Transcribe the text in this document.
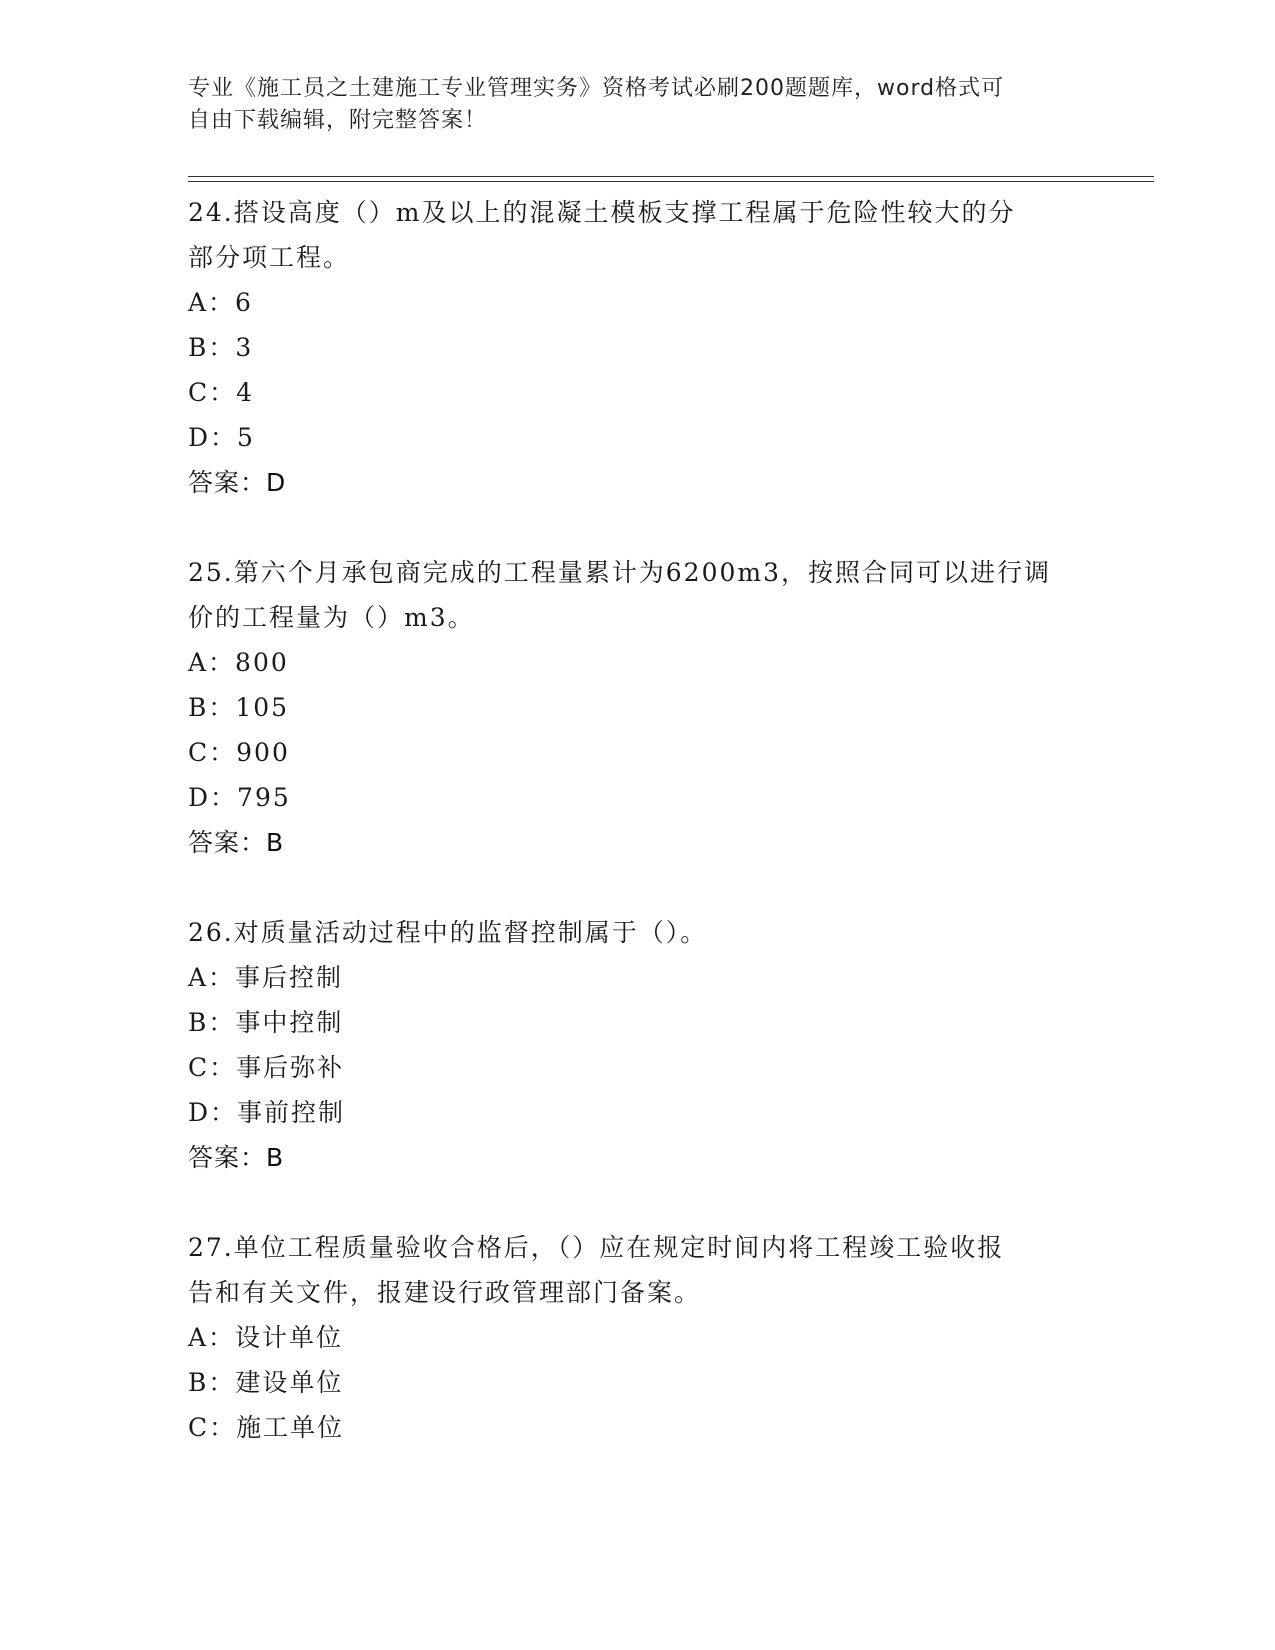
专业《施工员之土建施工专业管理实务》资格考试必刷200题题库，word格式可
自由下载编辑，附完整答案！
24.搭设高度（）m及以上的混凝土模板支撑工程属于危险性较大的分
部分项工程。
A：6
B：3
C：4
D：5
答案：D
25.第六个月承包商完成的工程量累计为6200m3，按照合同可以进行调
价的工程量为（）m3。
A：800
B：105
C：900
D：795
答案：B
26.对质量活动过程中的监督控制属于（）。
A：事后控制
B：事中控制
C：事后弥补
D：事前控制
答案：B
27.单位工程质量验收合格后，（）应在规定时间内将工程竣工验收报
告和有关文件，报建设行政管理部门备案。
A：设计单位
B：建设单位
C：施工单位
